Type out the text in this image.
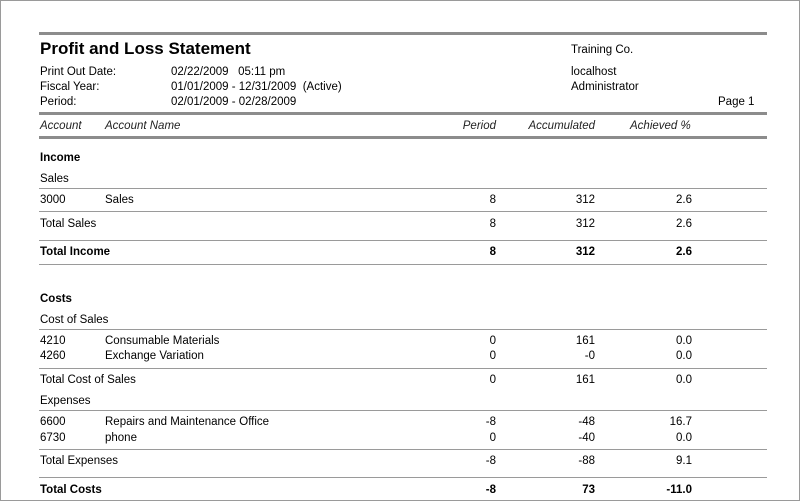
Profit and Loss Statement	Training Co.
localhost
Administrator
Page 1
Print Out Date:	02/22/2009   05:11 pm
Fiscal Year:	01/01/2009 - 12/31/2009  (Active)
Period:	02/01/2009 - 02/28/2009
Account Account Name	Period	Accumulated	Achieved %
Income
Sales
3000	Sales	8	312	2.6
Total Sales	8	312	2.6
Total Income	8	312	2.6
Costs
Cost of Sales
4210	Consumable Materials	0	161	0.0
4260	Exchange Variation	0	-0	0.0
Total Cost of Sales	0	161	0.0
Expenses
6600	Repairs and Maintenance Office	-8	-48	16.7
6730	phone	0	-40	0.0
Total Expenses	-8	-88	9.1
Total Costs	-8	73	-11.0
